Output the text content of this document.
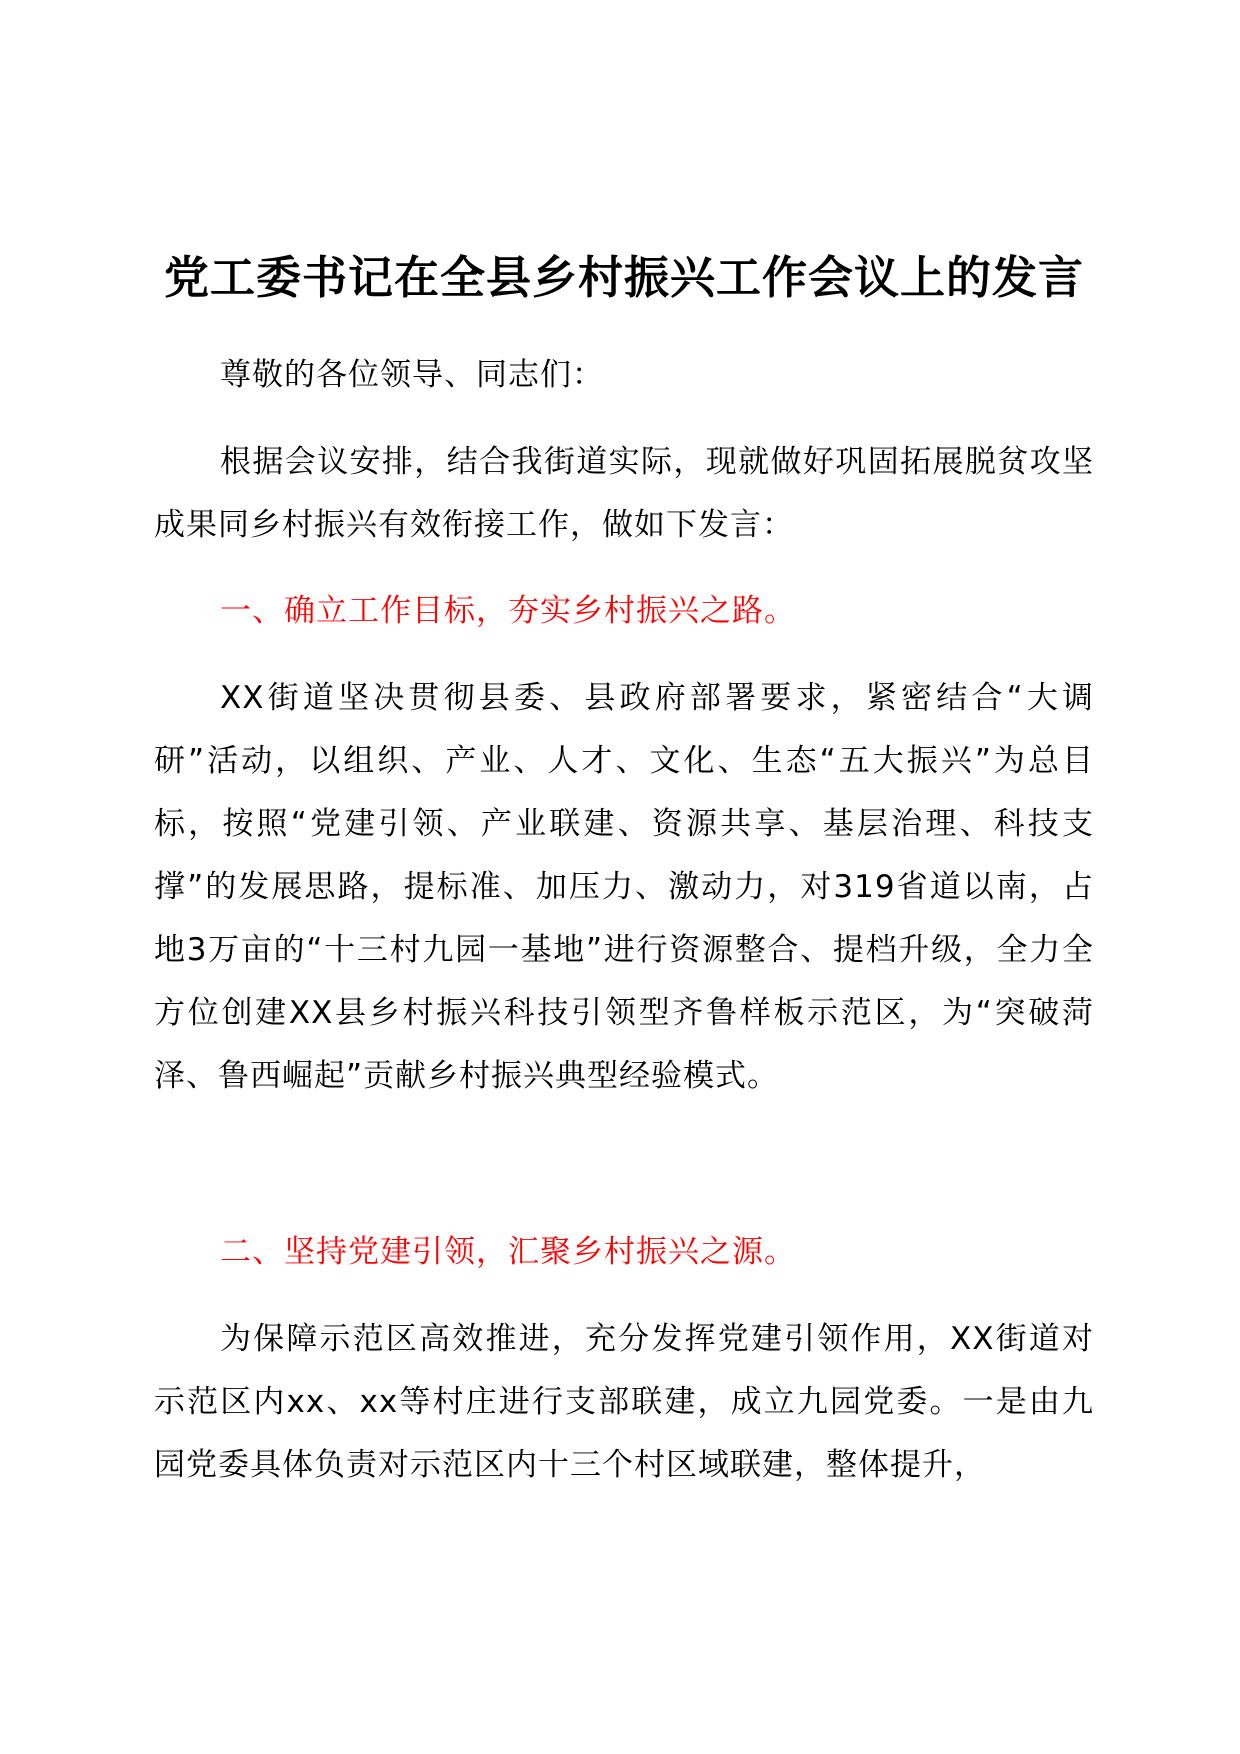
党工委书记在全县乡村振兴工作会议上的发言
尊敬的各位领导、同志们：
根据会议安排，结合我街道实际，现就做好巩固拓展脱贫攻坚成果同乡村振兴有效衔接工作，做如下发言：
一、确立工作目标，夯实乡村振兴之路。
XX街道坚决贯彻县委、县政府部署要求，紧密结合“大调研”活动，以组织、产业、人才、文化、生态“五大振兴”为总目标，按照“党建引领、产业联建、资源共享、基层治理、科技支撑”的发展思路，提标准、加压力、激动力，对319省道以南，占地3万亩的“十三村九园一基地”进行资源整合、提档升级，全力全方位创建XX县乡村振兴科技引领型齐鲁样板示范区，为“突破菏泽、鲁西崛起”贡献乡村振兴典型经验模式。
二、坚持党建引领，汇聚乡村振兴之源。
为保障示范区高效推进，充分发挥党建引领作用，XX街道对示范区内xx、xx等村庄进行支部联建，成立九园党委。一是由九园党委具体负责对示范区内十三个村区域联建，整体提升，
